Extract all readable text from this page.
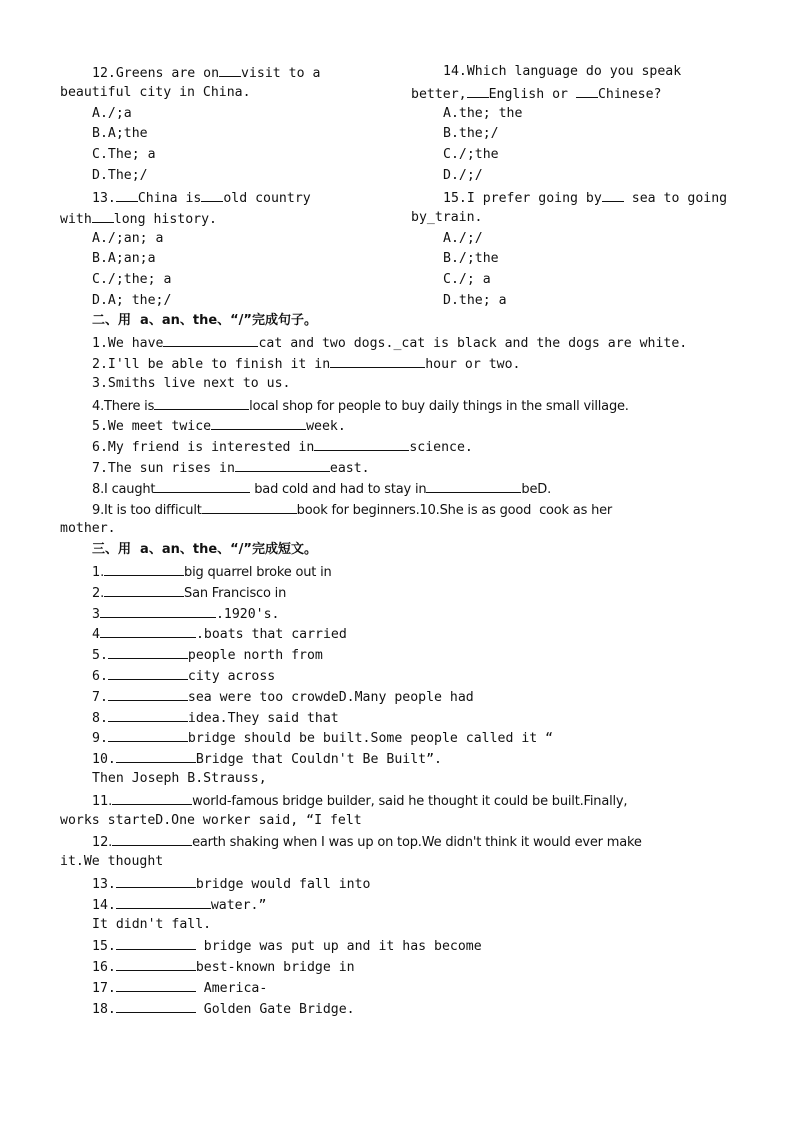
12.Greens are on visit to a
beautiful city in China.
A./;a
B.A;the
C.The; a
D.The;/
13. China is old country
with long history.
A./;an; a
B.A;an;a
C./;the; a
D.A; the;/
14.Which language do you speak
better, English or Chinese?
A.the; the
B.the;/
C./;the
D./;/
15.I prefer going by sea to going
by_train.
A./;/
B./;the
C./; a
D.the; a
二、用  a、an、the、“/”完成句子。
1.We have	cat and two dogs._cat is black and the dogs are white.
2.I'll be able to finish it in	hour or two.
3.Smiths live next to us.
4.There is	local shop for people to buy daily things in the small village.
5.We meet twice	week.
6.My friend is interested in	science.
7.The sun rises in	east.
8.I caught	bad cold and had to stay in	beD.
9.It is too difficult	book for beginners.10.She is as good  cook as her
mother.
三、用  a、an、the、“/”完成短文。
1.	big quarrel broke out in
2.	San Francisco in
3	.1920's.
4	.boats that carried
5.	people north from
6.	city across
7.	sea were too crowdeD.Many people had
8.	idea.They said that
9.	bridge should be built.Some people called it “
10.	Bridge that Couldn't Be Built”.
Then Joseph B.Strauss,
11.	world-famous bridge builder, said he thought it could be built.Finally,
works starteD.One worker said, “I felt
12.	earth shaking when I was up on top.We didn't think it would ever make
it.We thought
13.	bridge would fall into
14.	water.”
It didn't fall.
15.	bridge was put up and it has become
16.	best-known bridge in
17.	America-
18.	Golden Gate Bridge.
